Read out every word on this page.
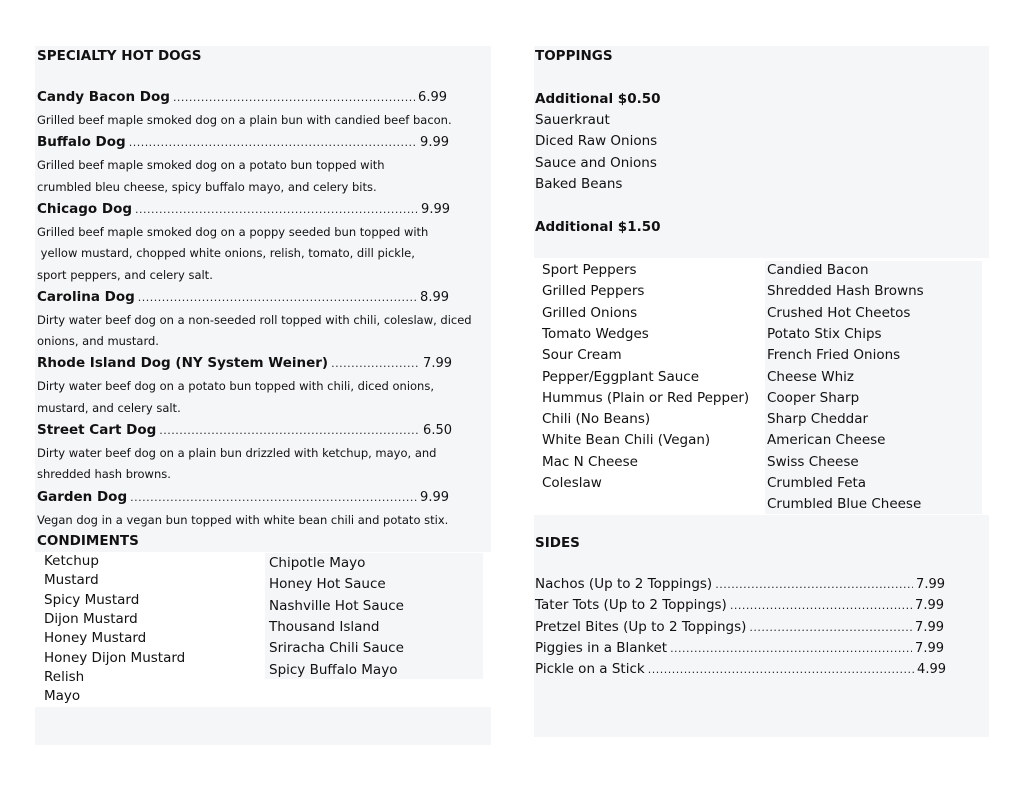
SPECIALTY HOT DOGS
Candy Bacon Dog .....	6.99
Grilled beef maple smoked dog on a plain bun with candied beef bacon.
Buffalo Dog .....	9.99
Grilled beef maple smoked dog on a potato bun topped with
crumbled bleu cheese, spicy buffalo mayo, and celery bits.
Chicago Dog .....	9.99
Grilled beef maple smoked dog on a poppy seeded bun topped with
yellow mustard, chopped white onions, relish, tomato, dill pickle,
sport peppers, and celery salt.
Carolina Dog .....	8.99
Dirty water beef dog on a non-seeded roll topped with chili, coleslaw, diced
onions, and mustard.
Rhode Island Dog (NY System Weiner) .....	7.99
Dirty water beef dog on a potato bun topped with chili, diced onions,
mustard, and celery salt.
Street Cart Dog .....	6.50
Dirty water beef dog on a plain bun drizzled with ketchup, mayo, and
shredded hash browns.
Garden Dog .....	9.99
Vegan dog in a vegan bun topped with white bean chili and potato stix.
CONDIMENTS
Ketchup
Mustard
Spicy Mustard
Dijon Mustard
Honey Mustard
Honey Dijon Mustard
Relish
Mayo
Chipotle Mayo
Honey Hot Sauce
Nashville Hot Sauce
Thousand Island
Sriracha Chili Sauce
Spicy Buffalo Mayo
TOPPINGS
Additional $0.50
Sauerkraut
Diced Raw Onions
Sauce and Onions
Baked Beans
Additional $1.50
Sport Peppers
Grilled Peppers
Grilled Onions
Tomato Wedges
Sour Cream
Pepper/Eggplant Sauce
Hummus (Plain or Red Pepper)
Chili (No Beans)
White Bean Chili (Vegan)
Mac N Cheese
Coleslaw
Candied Bacon
Shredded Hash Browns
Crushed Hot Cheetos
Potato Stix Chips
French Fried Onions
Cheese Whiz
Cooper Sharp
Sharp Cheddar
American Cheese
Swiss Cheese
Crumbled Feta
Crumbled Blue Cheese
SIDES
Nachos (Up to 2 Toppings) .....	7.99
Tater Tots (Up to 2 Toppings) .....	7.99
Pretzel Bites (Up to 2 Toppings) .....	7.99
Piggies in a Blanket .....	7.99
Pickle on a Stick .....	4.99
